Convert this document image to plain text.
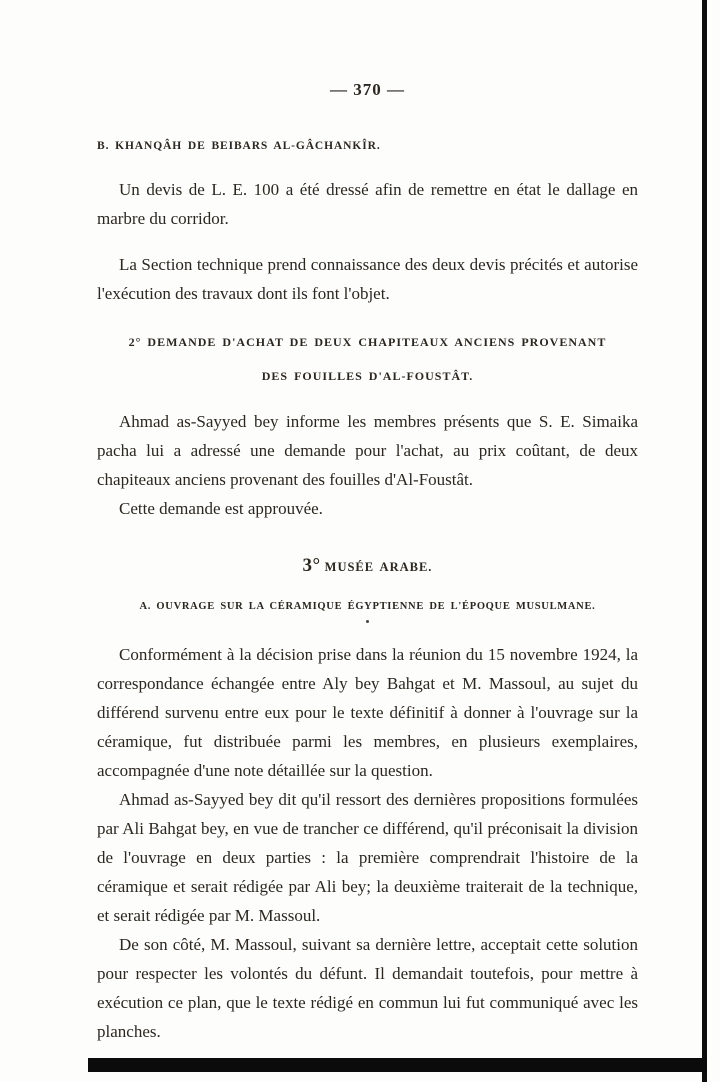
— 370 —
B. KHANQÂH DE BEIBARS AL-GÂCHANKÎR.

Un devis de L. E. 100 a été dressé afin de remettre en état le dallage en marbre du corridor.

La Section technique prend connaissance des deux devis précités et autorise l'exécution des travaux dont ils font l'objet.

2° DEMANDE D'ACHAT DE DEUX CHAPITEAUX ANCIENS PROVENANT
DES FOUILLES D'AL-FOUSTÂT.

Ahmad as-Sayyed bey informe les membres présents que S. E. Simaika pacha lui a adressé une demande pour l'achat, au prix coûtant, de deux chapiteaux anciens provenant des fouilles d'Al-Foustât.

Cette demande est approuvée.

3° MUSÉE ARABE.
A. OUVRAGE SUR LA CÉRAMIQUE ÉGYPTIENNE DE L'ÉPOQUE MUSULMANE.

Conformément à la décision prise dans la réunion du 15 novembre 1924, la correspondance échangée entre Aly bey Bahgat et M. Massoul, au sujet du différend survenu entre eux pour le texte définitif à donner à l'ouvrage sur la céramique, fut distribuée parmi les membres, en plusieurs exemplaires, accompagnée d'une note détaillée sur la question.

Ahmad as-Sayyed bey dit qu'il ressort des dernières propositions formulées par Ali Bahgat bey, en vue de trancher ce différend, qu'il préconisait la division de l'ouvrage en deux parties : la première comprendrait l'histoire de la céramique et serait rédigée par Ali bey; la deuxième traiterait de la technique, et serait rédigée par M. Massoul.

De son côté, M. Massoul, suivant sa dernière lettre, acceptait cette solution pour respecter les volontés du défunt. Il demandait toutefois, pour mettre à exécution ce plan, que le texte rédigé en commun lui fut communiqué avec les planches.
